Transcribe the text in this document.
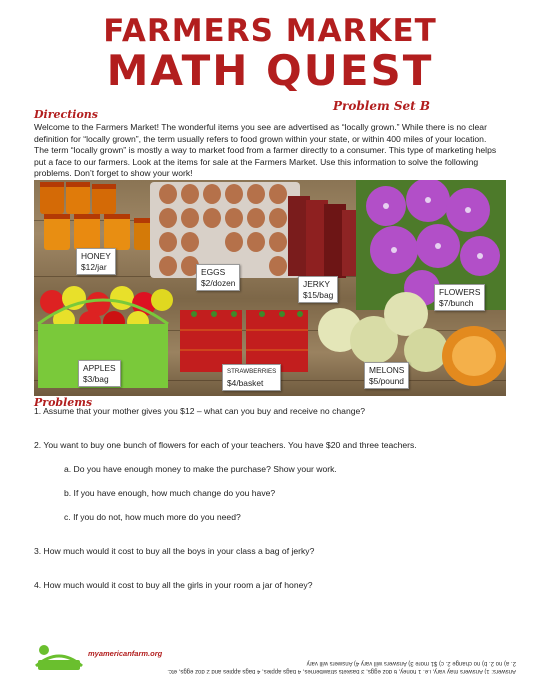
FARMERS MARKET
MATH QUEST
Problem Set B
Directions
Welcome to the Farmers Market! The wonderful items you see are advertised as “locally grown.” While there is no clear definition for “locally grown”, the term usually refers to food grown within your state, or within 400 miles of your location. The term “locally grown” is mostly a way to market food from a farmer directly to a consumer. This type of marketing helps put a face to our farmers. Look at the items for sale at the Farmers Market. Use this information to solve the following problems. Don’t forget to show your work!
HONEY
$12/jar
EGGS
$2/dozen	JERKY
$15/bag	FLOWERS
$7/bunch
APPLES
$3/bag
STRAWBERRIES
$4/basket
MELONS
$5/pound
Problems
1. Assume that your mother gives you $12 – what can you buy and receive no change?
2. You want to buy one bunch of flowers for each of your teachers. You have $20 and three teachers.
a. Do you have enough money to make the purchase? Show your work.
b. If you have enough, how much change do you have?
c. If you do not, how much more do you need?
3. How much would it cost to buy all the boys in your class a bag of jerky?
4. How much would it cost to buy all the girls in your room a jar of honey?
myamericanfarm.org
Answers: 1) Answers may vary, i.e. 1 honey, 6 doz eggs, 3 baskets strawberries, 4 bags apples, 4 bags apples and 2 doz eggs, etc.
2. a) no 2. b) no change 2. c) $1 more 3) Answers will vary 4) Answers will vary
